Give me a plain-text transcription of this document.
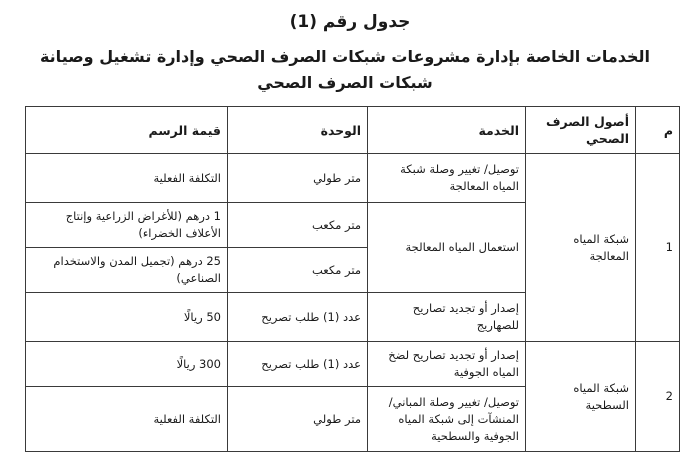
جدول رقم (1)
الخدمات الخاصة بإدارة مشروعات شبكات الصرف الصحي وإدارة تشغيل وصيانة شبكات الصرف الصحي
م	أصول الصرف الصحي	الخدمة	الوحدة	قيمة الرسم
1	شبكة المياه المعالجة	توصيل/ تغيير وصلة شبكة المياه المعالجة	متر طولي	التكلفة الفعلية
		استعمال المياه المعالجة	متر مكعب	1 درهم (للأغراض الزراعية وإنتاج الأعلاف الخضراء)
			متر مكعب	25 درهم (تجميل المدن والاستخدام الصناعي)
		إصدار أو تجديد تصاريح للصهاريج	عدد (1) طلب تصريح	50 ريالًا
2	شبكة المياه السطحية	إصدار أو تجديد تصاريح لضخ المياه الجوفية	عدد (1) طلب تصريح	300 ريالًا
		توصيل/ تغيير وصلة المباني/ المنشآت إلى شبكة المياه الجوفية والسطحية	متر طولي	التكلفة الفعلية
